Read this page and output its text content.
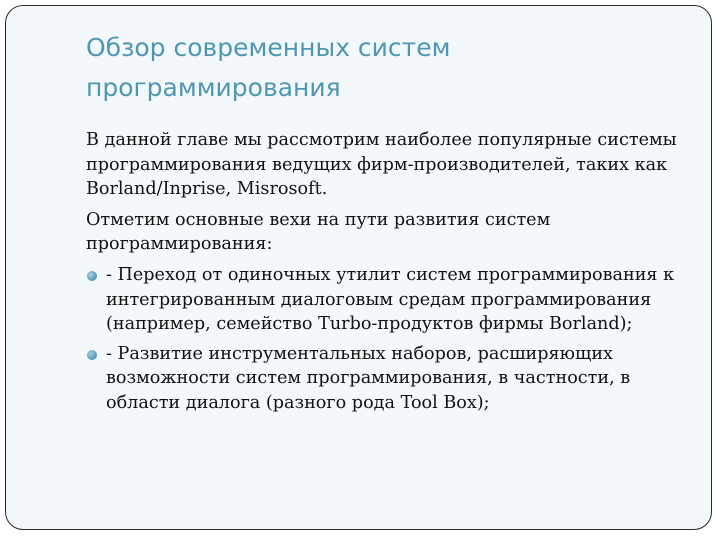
Обзор современных систем
программирования

В данной главе мы рассмотрим наиболее популярные системы программирования ведущих фирм-производителей, таких как Borland/Inprise, Misrosoft.

Отметим основные вехи на пути развития систем программирования:

- Переход от одиночных утилит систем программирования к интегрированным диалоговым средам программирования (например, семейство Turbo-продуктов фирмы Borland);
- Развитие инструментальных наборов, расширяющих возможности систем программирования, в частности, в области диалога (разного рода Tool Box);
